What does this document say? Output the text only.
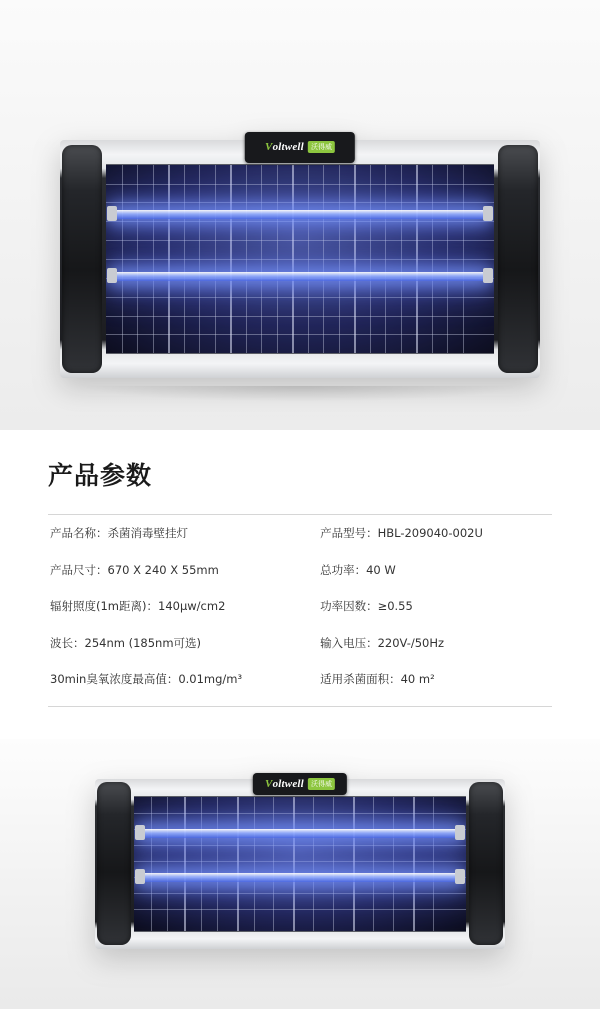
Voltwell	沃得威
产品参数
产品名称：杀菌消毒壁挂灯	产品型号：HBL-209040-002U
产品尺寸：670 X 240 X 55mm	总功率：40 W
辐射照度(1m距离)：140μw/cm2	功率因数：≥0.55
波长：254nm (185nm可选)	输入电压：220V-/50Hz
30min臭氧浓度最高值：0.01mg/m³	适用杀菌面积：40 m²
Voltwell	沃得威
